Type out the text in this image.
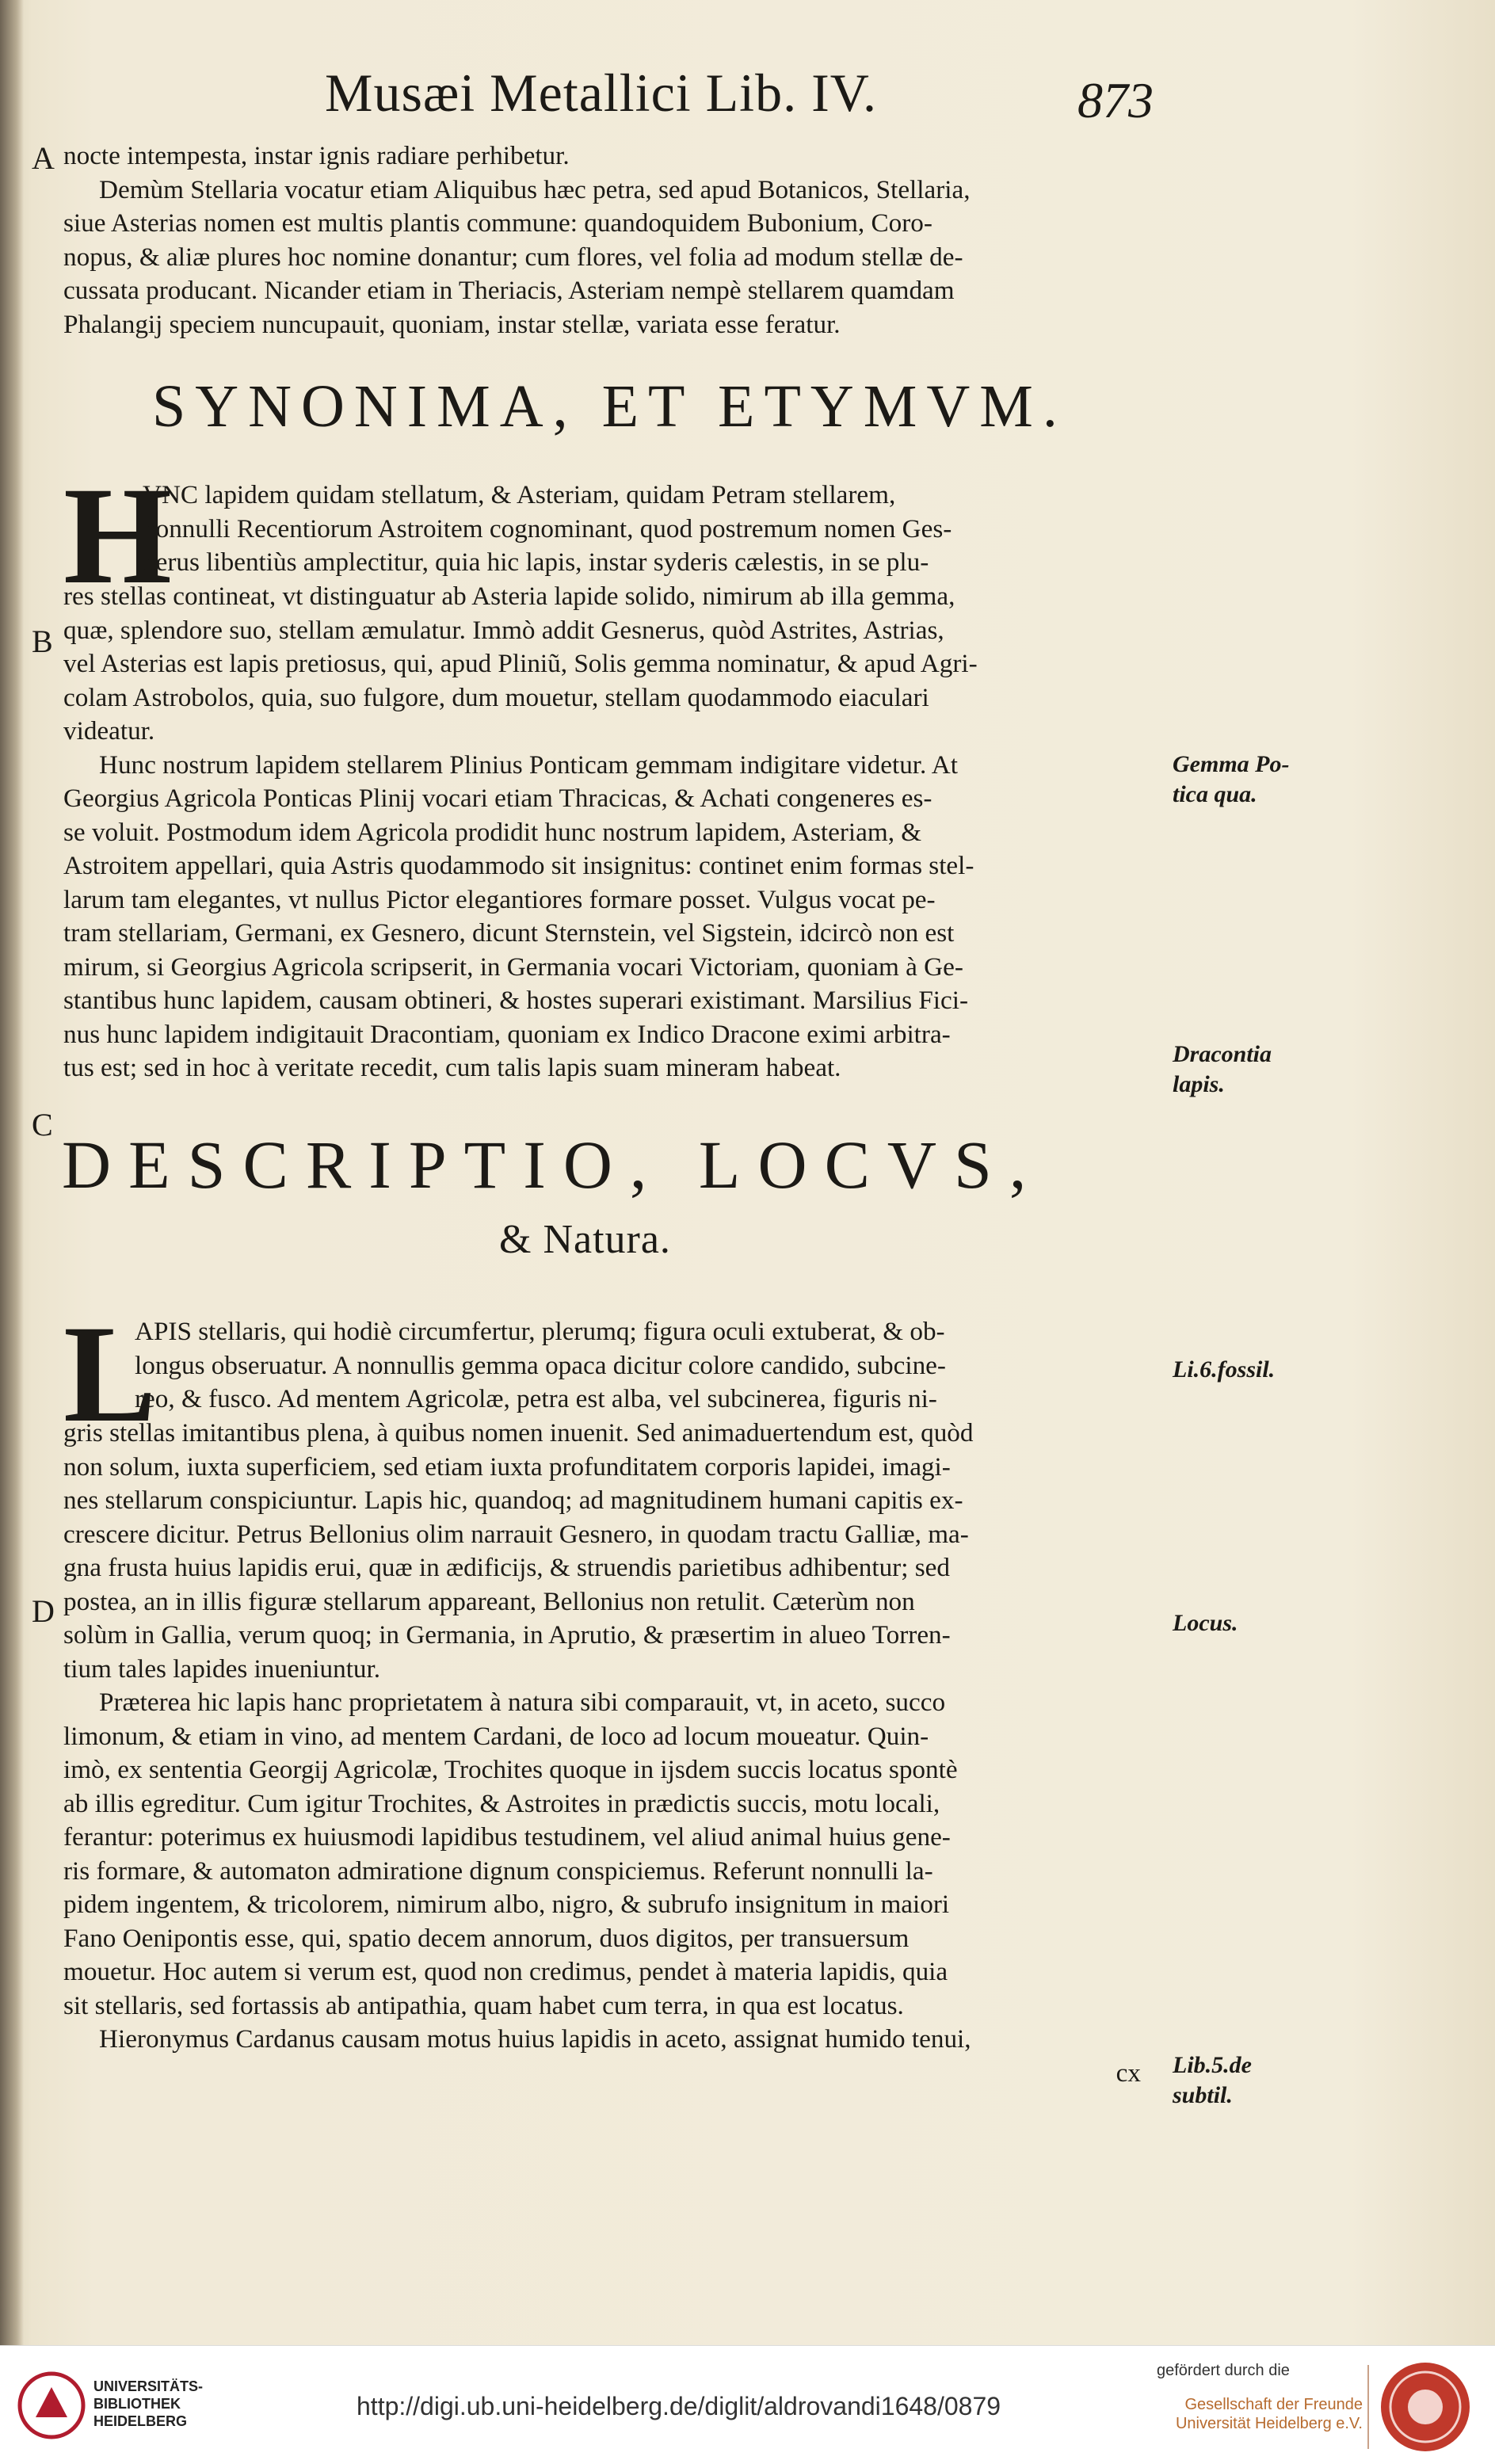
Musæi Metallici Lib. IV.	873
A
B
C
D
noctе intempesta, instar ignis radiare perhibetur.
Demùm Stellaria vocatur etiam Aliquibus hæc petra, sed apud Botanicos, Stellaria,
siue Asterias nomen est multis plantis commune: quandoquidem Bubonium, Coro-
nopus, & aliæ plures hoc nomine donantur; cum flores, vel folia ad modum stellæ de-
cussata producant. Nicander etiam in Theriacis, Asteriam nempè stellarem quamdam
Phalangij speciem nuncupauit, quoniam, instar stellæ, variata esse feratur.
SYNONIMA, ET ETYMVM.
H
VNC lapidem quidam stellatum, & Asteriam, quidam Petram stellarem,
nonnulli Recentiorum Astroitem cognominant, quod postremum nomen Ges-
nerus libentiùs amplectitur, quia hic lapis, instar syderis cælestis, in se plu-
res stellas contineat, vt distinguatur ab Asteria lapide solido, nimirum ab illa gemma,
quæ, splendore suo, stellam æmulatur. Immò addit Gesnerus, quòd Astrites, Astrias,
vel Asterias est lapis pretiosus, qui, apud Pliniũ, Solis gemma nominatur, & apud Agri-
colam Astrobolos, quia, suo fulgore, dum mouetur, stellam quodammodo eiaculari
videatur.
Hunc nostrum lapidem stellarem Plinius Ponticam gemmam indigitare videtur. At
Georgius Agricola Ponticas Plinij vocari etiam Thracicas, & Achati congeneres es-
se voluit. Postmodum idem Agricola prodidit hunc nostrum lapidem, Asteriam, &
Astroitem appellari, quia Astris quodammodo sit insignitus: continet enim formas stel-
larum tam elegantes, vt nullus Pictor elegantiores formare posset. Vulgus vocat pe-
tram stellariam, Germani, ex Gesnero, dicunt Sternstein, vel Sigstein, idcircò non est
mirum, si Georgius Agricola scripserit, in Germania vocari Victoriam, quoniam à Ge-
stantibus hunc lapidem, causam obtineri, & hostes superari existimant. Marsilius Fici-
nus hunc lapidem indigitauit Dracontiam, quoniam ex Indico Dracone eximi arbitra-
tus est; sed in hoc à veritate recedit, cum talis lapis suam mineram habeat.
Gemma Po-
tica qua.
Dracontia
lapis.
DESCRIPTIO, LOCVS,
& Natura.
L
APIS stellaris, qui hodiè circumfertur, plerumq; figura oculi extuberat, & ob-
longus obseruatur. A nonnullis gemma opaca dicitur colore candido, subcine-
reo, & fusco. Ad mentem Agricolæ, petra est alba, vel subcinerea, figuris ni-
gris stellas imitantibus plena, à quibus nomen inuenit. Sed animaduertendum est, quòd
non solum, iuxta superficiem, sed etiam iuxta profunditatem corporis lapidei, imagi-
nes stellarum conspiciuntur. Lapis hic, quandoq; ad magnitudinem humani capitis ex-
crescere dicitur. Petrus Bellonius olim narrauit Gesnero, in quodam tractu Galliæ, ma-
gna frusta huius lapidis erui, quæ in ædificijs, & struendis parietibus adhibentur; sed
postea, an in illis figuræ stellarum appareant, Bellonius non retulit. Cæterùm non
solùm in Gallia, verum quoq; in Germania, in Aprutio, & præsertim in alueo Torren-
tium tales lapides inueniuntur.
Præterea hic lapis hanc proprietatem à natura sibi comparauit, vt, in aceto, succo
limonum, & etiam in vino, ad mentem Cardani, de loco ad locum moueatur. Quin-
imò, ex sententia Georgij Agricolæ, Trochites quoque in ijsdem succis locatus spontè
ab illis egreditur. Cum igitur Trochites, & Astroites in prædictis succis, motu locali,
ferantur: poterimus ex huiusmodi lapidibus testudinem, vel aliud animal huius gene-
ris formare, & automaton admiratione dignum conspiciemus. Referunt nonnulli la-
pidem ingentem, & tricolorem, nimirum albo, nigro, & subrufo insignitum in maiori
Fano Oenipontis esse, qui, spatio decem annorum, duos digitos, per transuersum
mouetur. Hoc autem si verum est, quod non credimus, pendet à materia lapidis, quia
sit stellaris, sed fortassis ab antipathia, quam habet cum terra, in qua est locatus.
Hieronymus Cardanus causam motus huius lapidis in aceto, assignat humido tenui,
cx
Li.6.fossil.
Locus.
Lib.5.de
subtil.
UNIVERSITÄTS-
BIBLIOTHEK
HEIDELBERG
http://digi.ub.uni-heidelberg.de/diglit/aldrovandi1648/0879
gefördert durch die
Gesellschaft der Freunde
Universität Heidelberg e.V.
